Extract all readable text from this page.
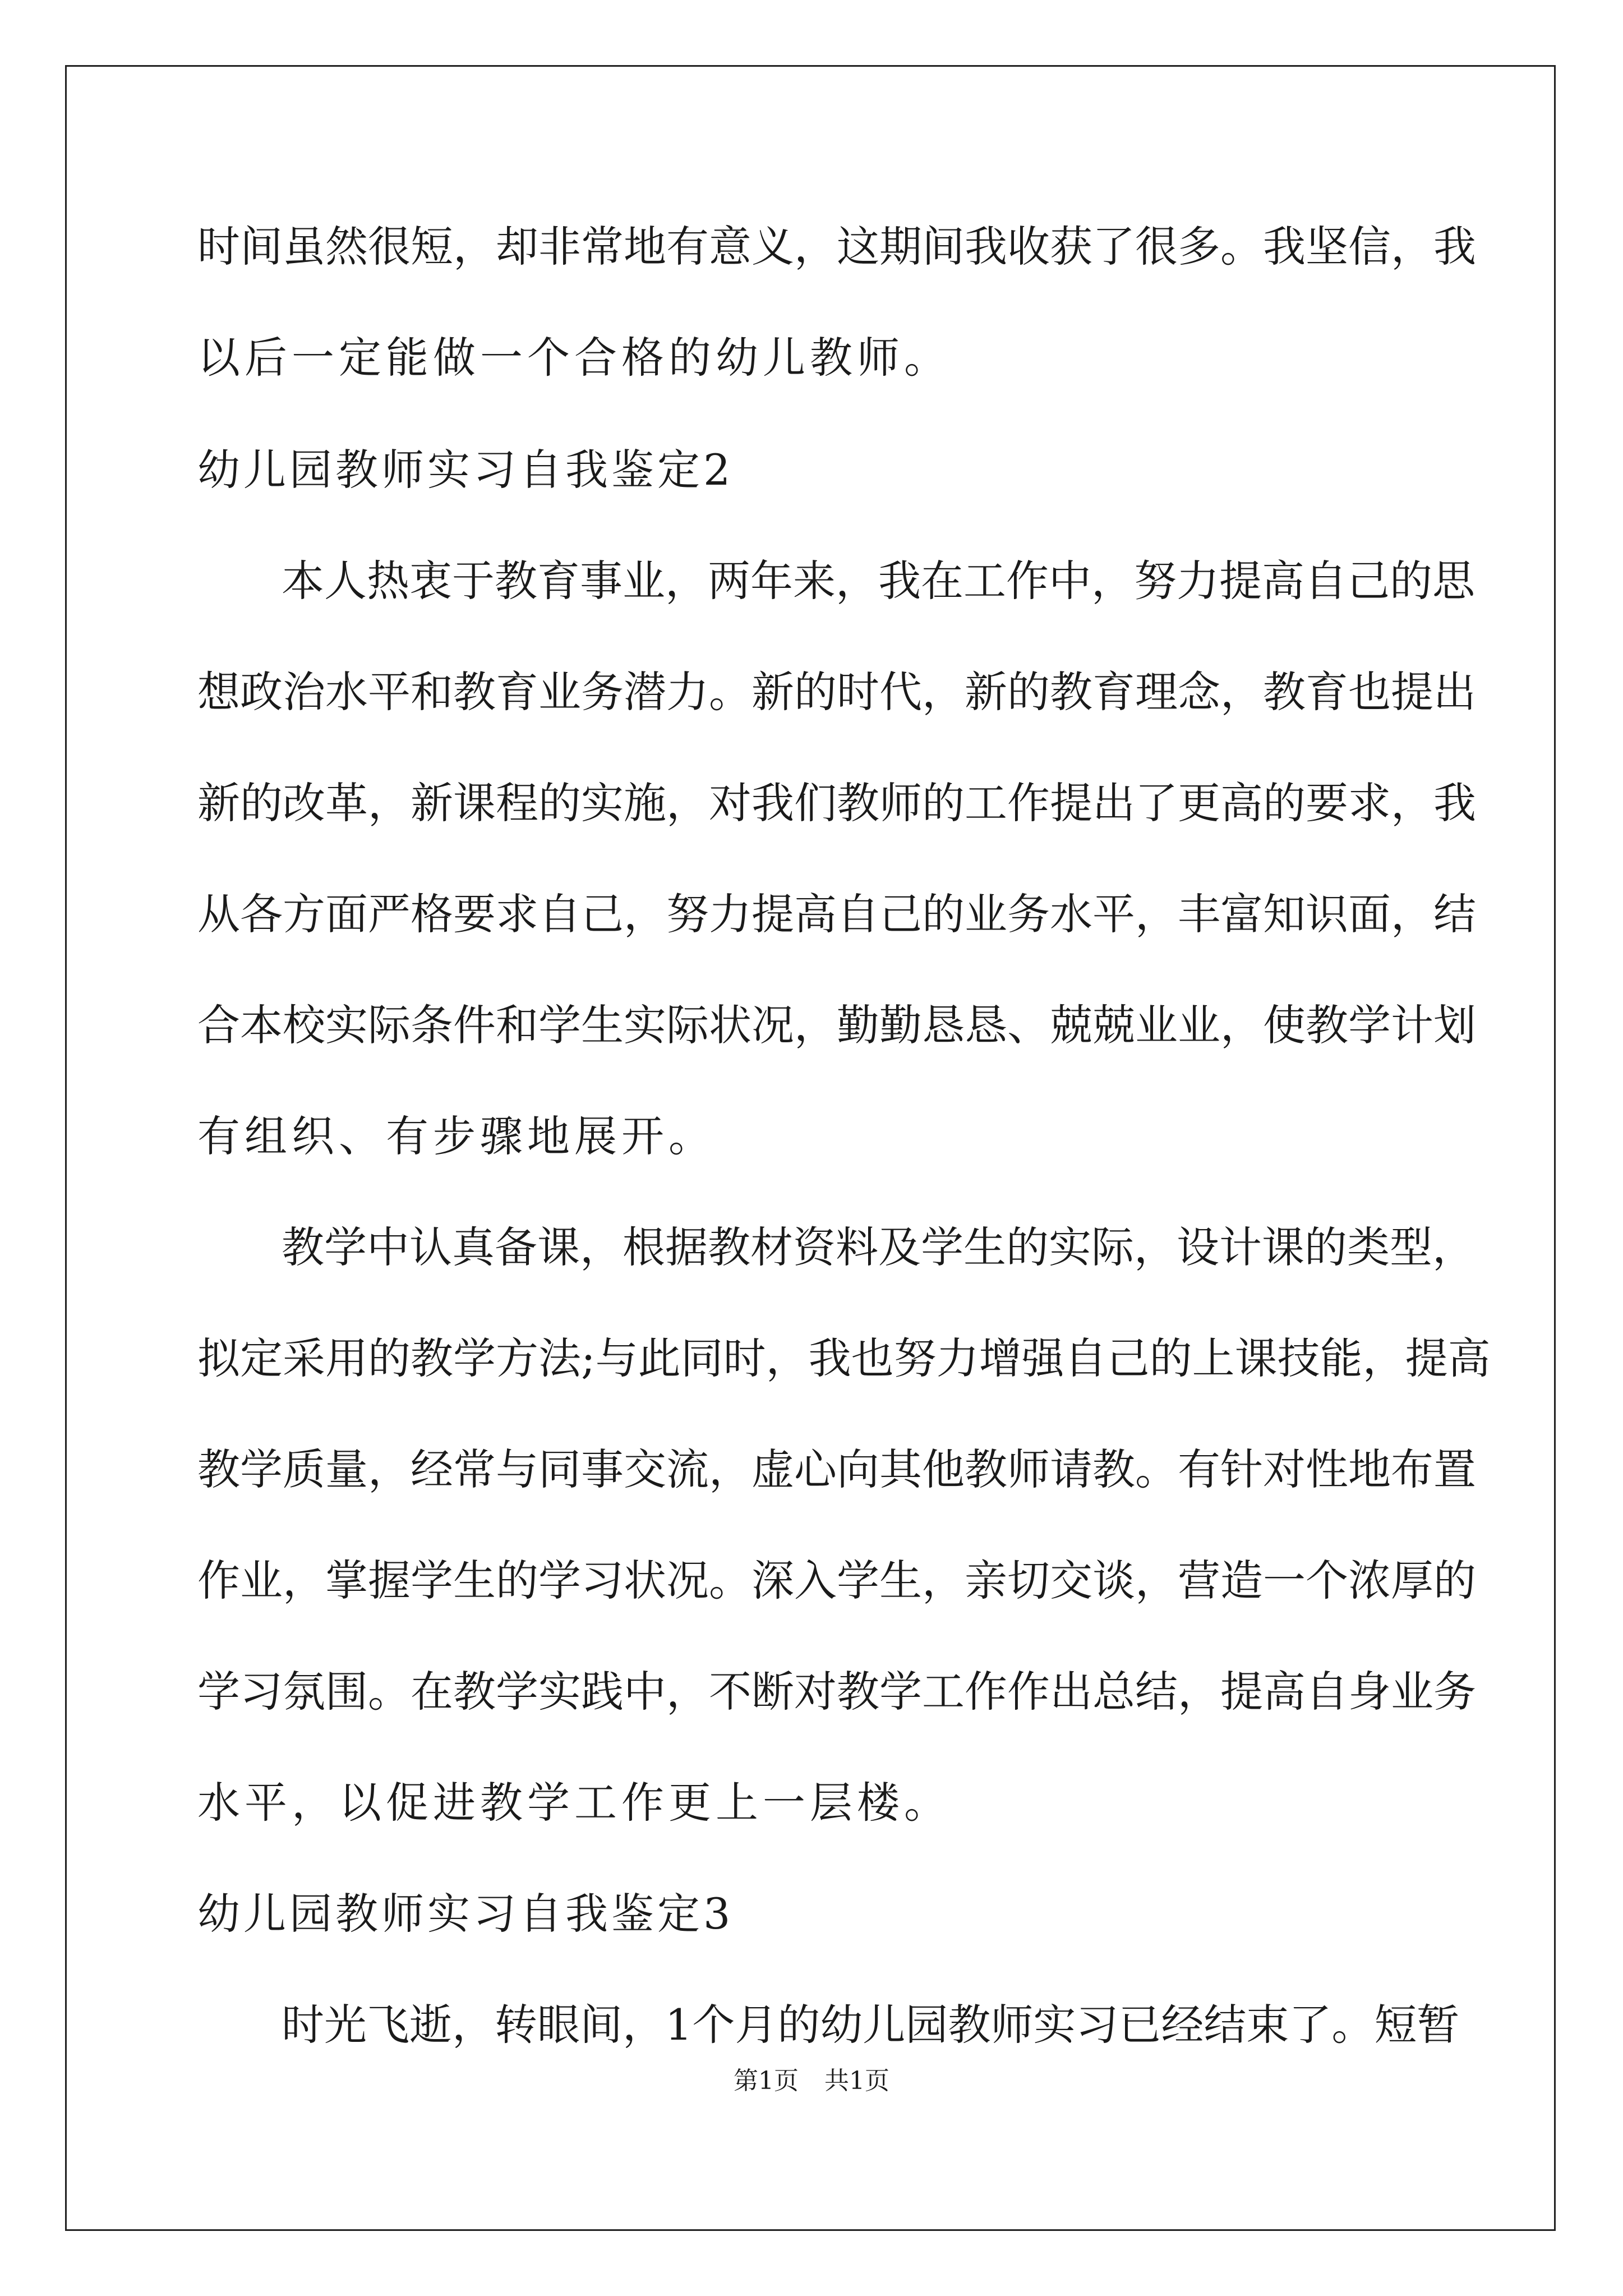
时间虽然很短，却非常地有意义，这期间我收获了很多。我坚信，我
以后一定能做一个合格的幼儿教师。
幼儿园教师实习自我鉴定2
本人热衷于教育事业，两年来，我在工作中，努力提高自己的思
想政治水平和教育业务潜力。新的时代，新的教育理念，教育也提出
新的改革，新课程的实施，对我们教师的工作提出了更高的要求，我
从各方面严格要求自己，努力提高自己的业务水平，丰富知识面，结
合本校实际条件和学生实际状况，勤勤恳恳、兢兢业业，使教学计划
有组织、有步骤地展开。
教学中认真备课，根据教材资料及学生的实际，设计课的类型，
拟定采用的教学方法;与此同时，我也努力增强自己的上课技能，提高
教学质量，经常与同事交流，虚心向其他教师请教。有针对性地布置
作业，掌握学生的学习状况。深入学生，亲切交谈，营造一个浓厚的
学习氛围。在教学实践中，不断对教学工作作出总结，提高自身业务
水平，以促进教学工作更上一层楼。
幼儿园教师实习自我鉴定3
时光飞逝，转眼间，1个月的幼儿园教师实习已经结束了。短暂
第1页 共1页
